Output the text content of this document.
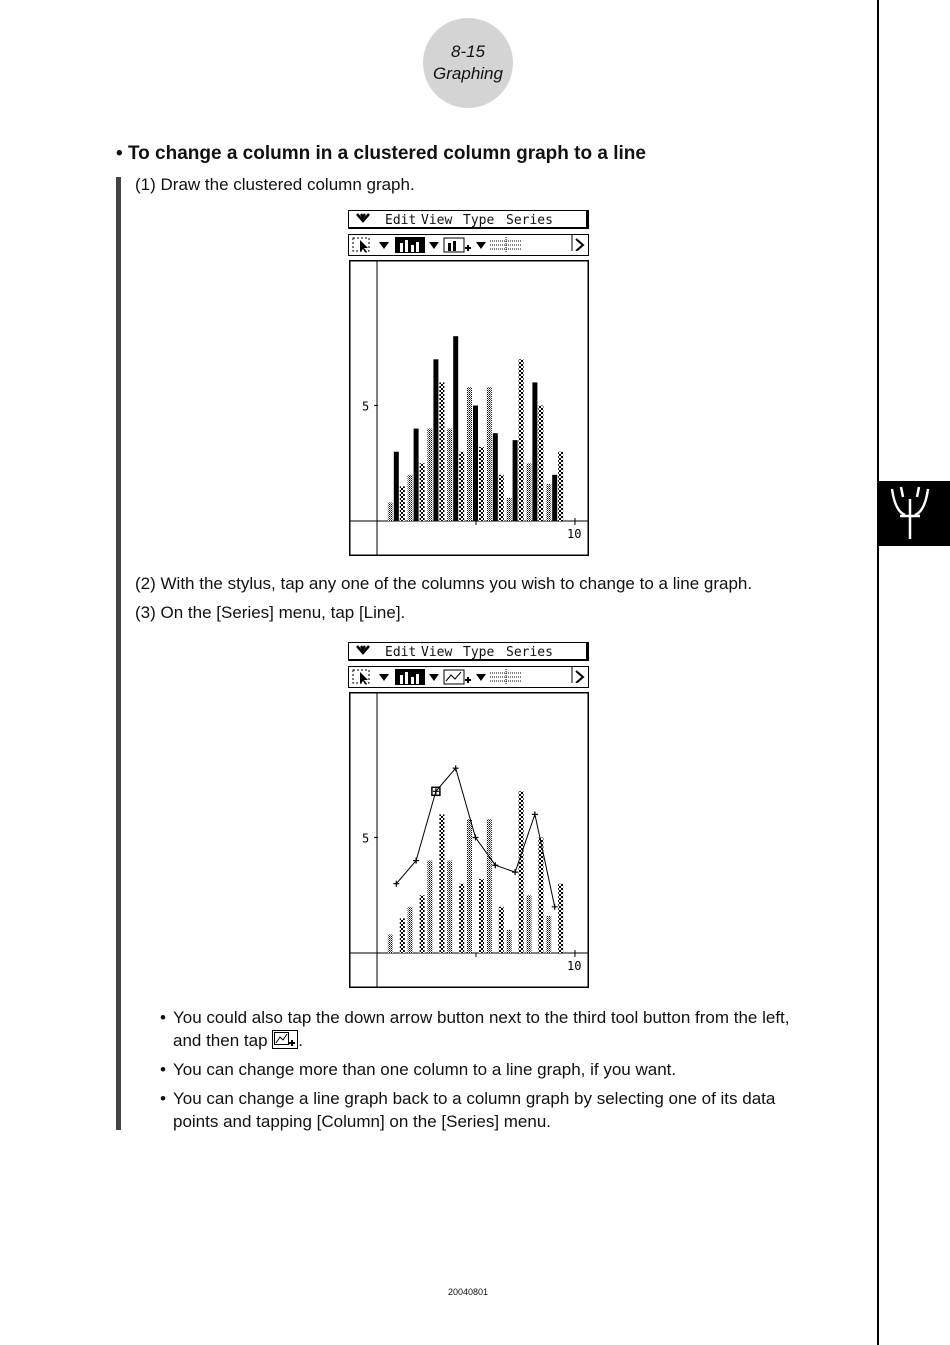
8-15
Graphing
• To change a column in a clustered column graph to a line
(1) Draw the clustered column graph.
Edit View Type Series
5
10
(2) With the stylus, tap any one of the columns you wish to change to a line graph.
(3) On the [Series] menu, tap [Line].
Edit View Type Series
5
10
• You could also tap the down arrow button next to the third tool button from the left,
and then tap .
• You can change more than one column to a line graph, if you want.
• You can change a line graph back to a column graph by selecting one of its data
points and tapping [Column] on the [Series] menu.
20040801
